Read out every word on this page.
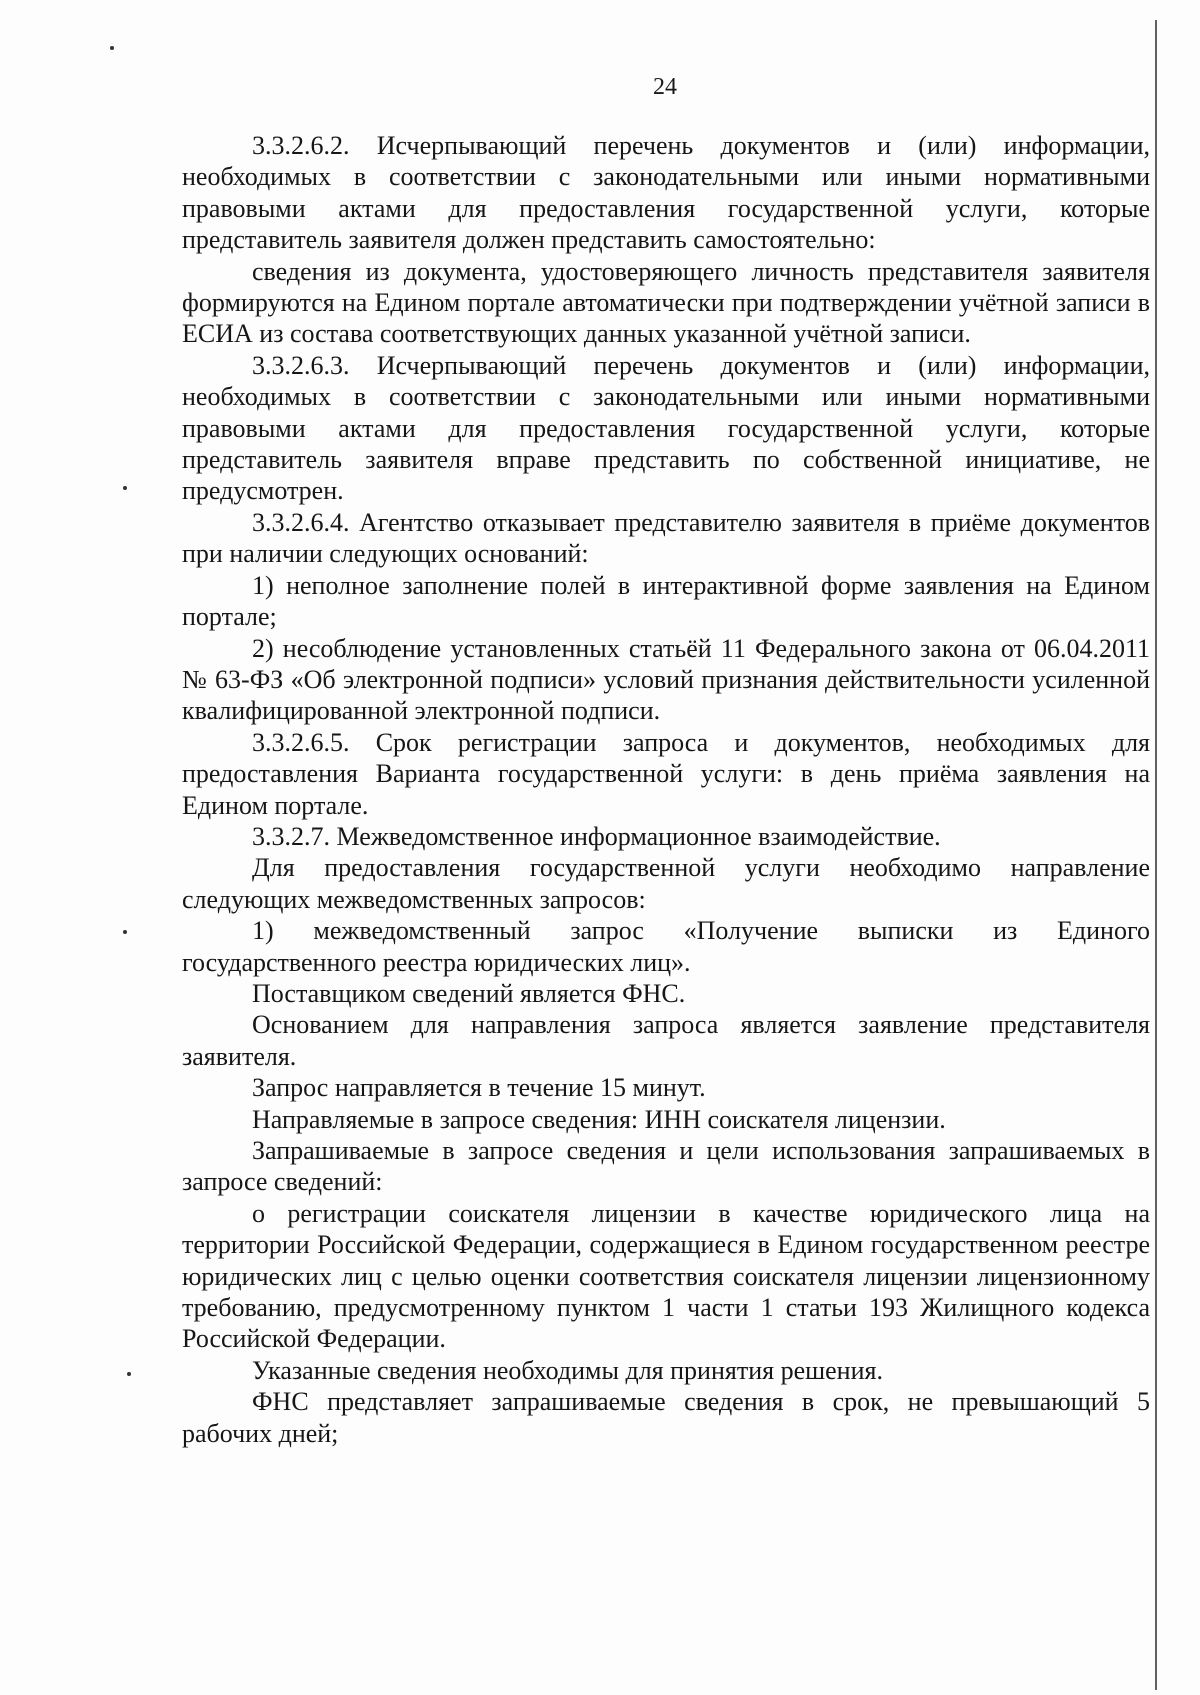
24

3.3.2.6.2. Исчерпывающий перечень документов и (или) информации, необходимых в соответствии с законодательными или иными нормативными правовыми актами для предоставления государственной услуги, которые представитель заявителя должен представить самостоятельно:

сведения из документа, удостоверяющего личность представителя заявителя формируются на Едином портале автоматически при подтверждении учётной записи в ЕСИА из состава соответствующих данных указанной учётной записи.

3.3.2.6.3. Исчерпывающий перечень документов и (или) информации, необходимых в соответствии с законодательными или иными нормативными правовыми актами для предоставления государственной услуги, которые представитель заявителя вправе представить по собственной инициативе, не предусмотрен.

3.3.2.6.4. Агентство отказывает представителю заявителя в приёме документов при наличии следующих оснований:

1) неполное заполнение полей в интерактивной форме заявления на Едином портале;

2) несоблюдение установленных статьёй 11 Федерального закона от 06.04.2011 № 63-ФЗ «Об электронной подписи» условий признания действительности усиленной квалифицированной электронной подписи.

3.3.2.6.5. Срок регистрации запроса и документов, необходимых для предоставления Варианта государственной услуги: в день приёма заявления на Едином портале.

3.3.2.7. Межведомственное информационное взаимодействие.

Для предоставления государственной услуги необходимо направление следующих межведомственных запросов:

1) межведомственный запрос «Получение выписки из Единого государственного реестра юридических лиц».

Поставщиком сведений является ФНС.

Основанием для направления запроса является заявление представителя заявителя.

Запрос направляется в течение 15 минут.

Направляемые в запросе сведения: ИНН соискателя лицензии.

Запрашиваемые в запросе сведения и цели использования запрашиваемых в запросе сведений:

о регистрации соискателя лицензии в качестве юридического лица на территории Российской Федерации, содержащиеся в Едином государственном реестре юридических лиц с целью оценки соответствия соискателя лицензии лицензионному требованию, предусмотренному пунктом 1 части 1 статьи 193 Жилищного кодекса Российской Федерации.

Указанные сведения необходимы для принятия решения.

ФНС представляет запрашиваемые сведения в срок, не превышающий 5 рабочих дней;
